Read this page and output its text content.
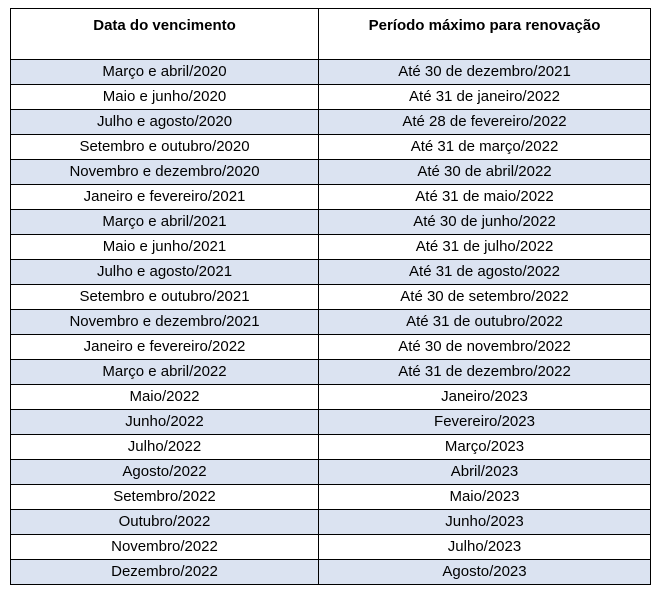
Data do vencimento	Período máximo para renovação
Março e abril/2020	Até 30 de dezembro/2021
Maio e junho/2020	Até 31 de janeiro/2022
Julho e agosto/2020	Até 28 de fevereiro/2022
Setembro e outubro/2020	Até 31 de março/2022
Novembro e dezembro/2020	Até 30 de abril/2022
Janeiro e fevereiro/2021	Até 31 de maio/2022
Março e abril/2021	Até 30 de junho/2022
Maio e junho/2021	Até 31 de julho/2022
Julho e agosto/2021	Até 31 de agosto/2022
Setembro e outubro/2021	Até 30 de setembro/2022
Novembro e dezembro/2021	Até 31 de outubro/2022
Janeiro e fevereiro/2022	Até 30 de novembro/2022
Março e abril/2022	Até 31 de dezembro/2022
Maio/2022	Janeiro/2023
Junho/2022	Fevereiro/2023
Julho/2022	Março/2023
Agosto/2022	Abril/2023
Setembro/2022	Maio/2023
Outubro/2022	Junho/2023
Novembro/2022	Julho/2023
Dezembro/2022	Agosto/2023
